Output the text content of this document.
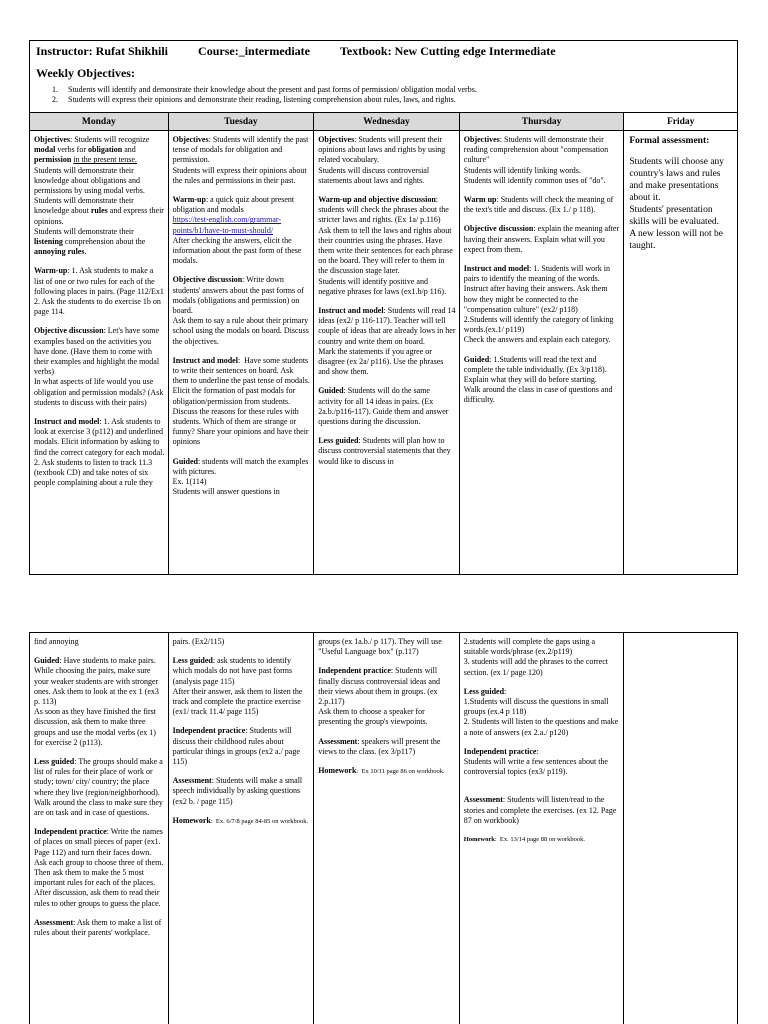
Instructor: Rufat Shikhili	Course:_intermediate	Textbook: New Cutting edge Intermediate
Weekly Objectives:
1. Students will identify and demonstrate their knowledge about the present and past forms of permission/ obligation modal verbs.
2. Students will express their opinions and demonstrate their reading, listening comprehension about rules, laws, and rights.
Monday

Objectives: Students will recognize modal verbs for obligation and permission in the present tense.
Students will demonstrate their knowledge about obligations and permissions by using modal verbs.
Students will demonstrate their knowledge about rules and express their opinions.
Students will demonstrate their listening comprehension about the annoying rules.

Warm-up: 1. Ask students to make a list of one or two rules for each of the following places in pairs. (Page 112/Ex1
2. Ask the students to do exercise 1b on page 114.

Objective discussion: Let's have some examples based on the activities you have done. (Have them to come with their examples and highlight the modal verbs)
In what aspects of life would you use obligation and permission modals? (Ask students to discuss with their pairs)

Instruct and model: 1. Ask students to look at exercise 3 (p112) and underlined modals. Elicit information by asking to find the correct category for each modal.
2. Ask students to listen to track 11.3 (textbook CD) and take notes of six people complaining about a rule they

Tuesday

Objectives: Students will identify the past tense of modals for obligation and permission.
Students will express their opinions about the rules and permissions in their past.

Warm-up: a quick quiz about present obligation and modals
https://test-english.com/grammar-points/b1/have-to-must-should/
After checking the answers, elicit the information about the past form of these modals.

Objective discussion: Write down students' answers about the past forms of modals (obligations and permission) on board.
Ask them to say a rule about their primary school using the modals on board. Discuss the objectives.

Instruct and model:  Have some students to write their sentences on board. Ask them to underline the past tense of modals. Elicit the formation of past modals for obligation/permission from students. Discuss the reasons for these rules with students. Which of them are strange or funny? Share your opinions and have their opinions

Guided: students will match the examples with pictures.
Ex. 1(114)
Students will answer questions in

Wednesday

Objectives: Students will present their opinions about laws and rights by using related vocabulary.
Students will discuss controversial statements about laws and rights.

Warm-up and objective discussion: students will check the phrases about the stricter laws and rights. (Ex 1a/ p.116)
Ask them to tell the laws and rights about their countries using the phrases. Have them write their sentences for each phrase on the board. They will refer to them in the discussion stage later.
Students will identify positive and negative phrases for laws (ex1.b/p 116).

Instruct and model: Students will read 14 ideas (ex2/ p 116-117). Teacher will tell couple of ideas that are already lows in her country and write them on board.
Mark the statements if you agree or disagree (ex 2a/ p116). Use the phrases and show them.

Guided: Students will do the same activity for all 14 ideas in pairs. (Ex 2a.b./p116-117). Guide them and answer questions during the discussion.

Less guided: Students will plan how to discuss controversial statements that they would like to discuss in

Thursday

Objectives: Students will demonstrate their reading comprehension about "compensation culture"
Students will identify linking words.
Students will identify common uses of "do".

Warm up: Students will check the meaning of the text's title and discuss. (Ex 1./ p 118).

Objective discussion: explain the meaning after having their answers. Explain what will you expect from them.

Instruct and model: 1. Students will work in pairs to identify the meaning of the words.
Instruct after having their answers. Ask them how they might be connected to the "compensation culture" (ex2/ p118)
2.Students will identify the category of linking words.(ex.1/ p119)
Check the answers and explain each category.

Guided: 1.Students will read the text and complete the table individually. (Ex 3/p118).
Explain what they will do before starting.
Walk around the class in case of questions and difficulty.

Friday

Formal assessment:

Students will choose any country's laws and rules and make presentations about it.

Students' presentation skills will be evaluated.

A new lesson will not be taught.

find annoying

Guided: Have students to make pairs. While choosing the pairs, make sure your weaker students are with stronger ones. Ask them to look at the ex 1 (ex3 p. 113)
As soon as they have finished the first discussion, ask them to make three groups and use the modal verbs (ex 1) for exercise 2 (p113).

Less guided: The groups should make a list of rules for their place of work or study; town/ city/ country; the place where they live (region/neighborhood). Walk around the class to make sure they are on task and in case of questions.

Independent practice: Write the names of places on small pieces of paper (ex1. Page 112) and turn their faces down. Ask each group to choose three of them.
Then ask them to make the 5 most important rules for each of the places. After discussion, ask them to read their rules to other groups to guess the place.

Assessment: Ask them to make a list of rules about their parents' workplace.

pairs. (Ex2/115)

Less guided: ask students to identify which modals do not have past forms (analysis page 115)
After their answer, ask them to listen the track and complete the practice exercise (ex1/ track 11.4/ page 115)

Independent practice: Students will discuss their childhood rules about particular things in groups (ex2 a./ page 115)

Assessment: Students will make a small speech individually by asking questions (ex2 b. / page 115)

Homework:  Ex. 6/7/8 page 84-85 on workbook.

groups (ex 1a.b./ p 117). They will use "Useful Language box" (p.117)

Independent practice: Students will finally discuss controversial ideas and their views about them in groups. (ex 2.p.117)
Ask them to choose a speaker for presenting the group's viewpoints.

Assessment: speakers will present the views to the class. (ex 3/p117)

Homework:  Ex 10/11 page 86 on workbook.

2.students will complete the gaps using a suitable words/phrase (ex.2/p119)
3. students will add the phrases to the correct section. (ex 1/ page 120)

Less guided:
1.Students will discuss the questions in small groups (ex.4 p 118)
2. Students will listen to the questions and make a note of answers (ex 2.a./ p120)

Independent practice:
Students will write a few sentences about the controversial topics (ex3/ p119).

Assessment: Students will listen/read to the stories and complete the exercises. (ex 12. Page 87 on workbook)

Homework:  Ex. 13/14 page 88 on workbook.
